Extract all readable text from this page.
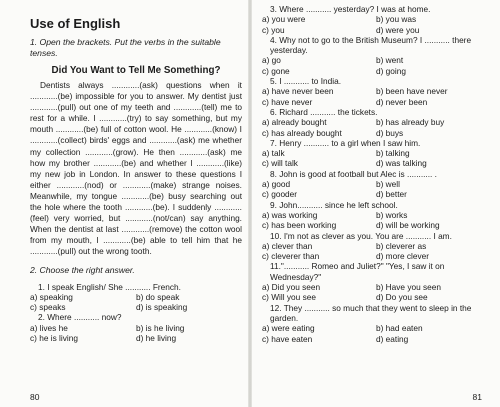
Use of English
1. Open the brackets. Put the verbs in the suitable tenses.
Did You Want to Tell Me Something?

Dentists always ............(ask) questions when it ............(be) impossible for you to answer. My dentist just ............(pull) out one of my teeth and ............(tell) me to rest for a while. I ............(try) to say something, but my mouth ............(be) full of cotton wool. He ............(know) I ............(collect) birds' eggs and ............(ask) me whether my collection ............(grow). He then ............(ask) me how my brother ............(be) and whether I ............(like) my new job in London. In answer to these questions I either ............(nod) or ............(make) strange noises. Meanwhile, my tongue ............(be) busy searching out the hole where the tooth ............(be). I suddenly ............(feel) very worried, but ............(not/can) say anything. When the dentist at last ............(remove) the cotton wool from my mouth, I ............(be) able to tell him that he ............(pull) out the wrong tooth.

2. Choose the right answer.
1. I speak English/ She ........... French.
a) speaking	b) do speak
c) speaks	d) is speaking
2. Where ........... now?
a) lives he	b) is he living
c) he is living	d) he living
80
3. Where ........... yesterday? I was at home.
a) you were	b) you was
c) you	d) were you
4. Why not to go to the British Museum? I ........... there yesterday.
a) go	b) went
c) gone	d) going
5. I ........... to India.
a) have never been	b) been have never
c) have never	d) never been
6. Richard ........... the tickets.
a) already bought	b) has already buy
c) has already bought	d) buys
7. Henry ........... to a girl when I saw him.
a) talk	b) talking
c) will talk	d) was talking
8. John is good at football but Alec is ........... .
a) good	b) well
c) gooder	d) better
9. John........... since he left school.
a) was working	b) works
c) has been working	d) will be working
10. I'm not as clever as you. You are ........... I am.
a) clever than	b) cleverer as
c) cleverer than	d) more clever
11."........... Romeo and Juliet?" "Yes, I saw it on Wednesday?"
a) Did you seen	b) Have you seen
c) Will you see	d) Do you see
12. They ........... so much that they went to sleep in the garden.
a) were eating	b) had eaten
c) have eaten	d) eating
81
